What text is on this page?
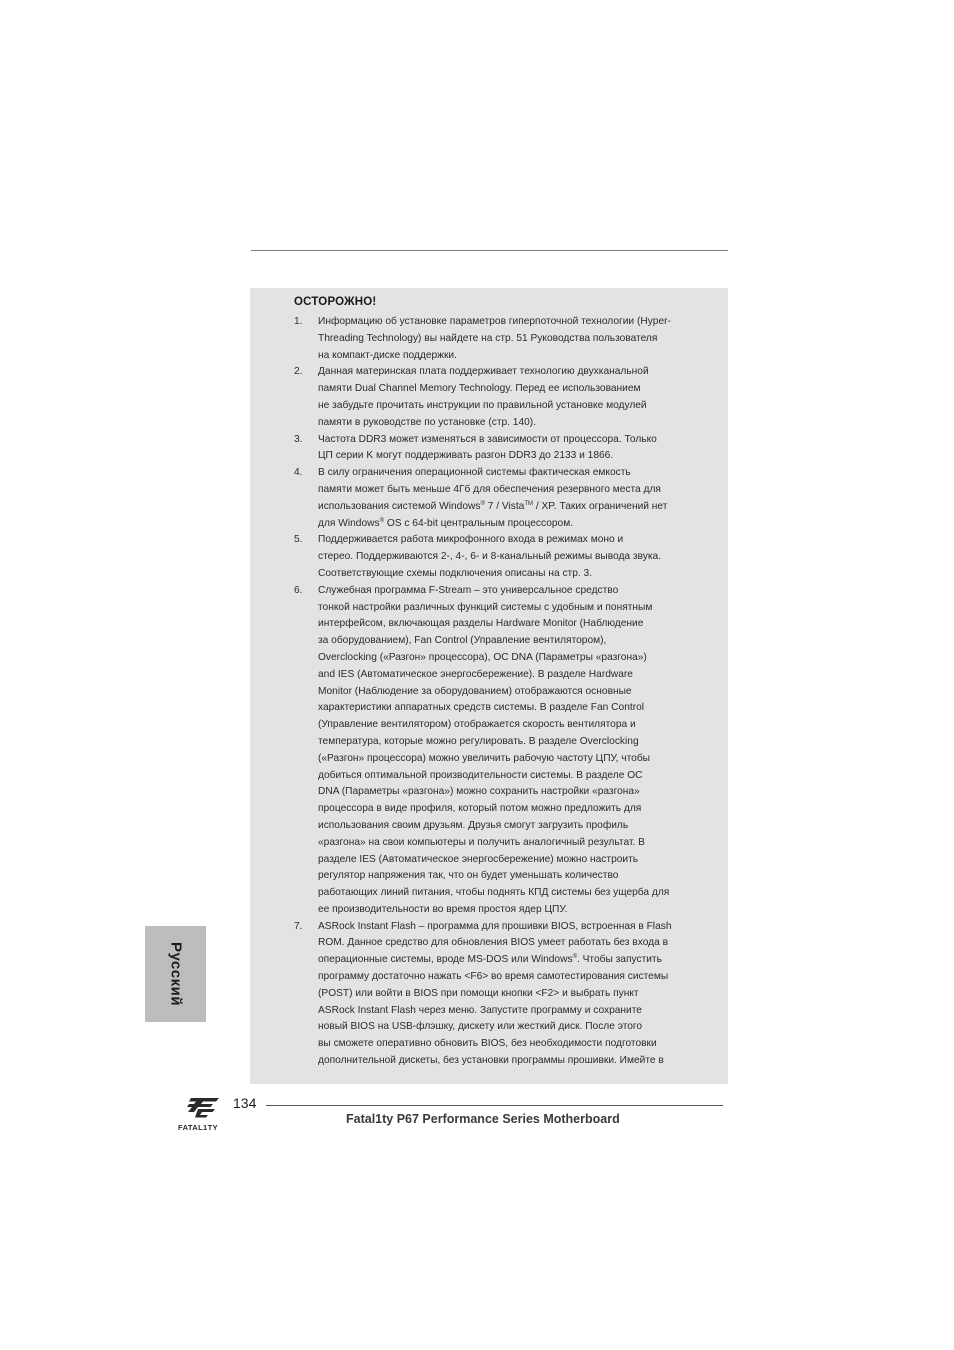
ОСТОРОЖНО!
1. Информацию об установке параметров гиперпоточной технологии (Hyper-
Threading Technology) вы найдете на стр. 51 Руководства пользователя
на компакт-диске поддержки.
2. Данная материнская плата поддерживает технологию двухканальной
памяти Dual Channel Memory Technology. Перед ее использованием
не забудьте прочитать инструкции по правильной установке модулей
памяти в руководстве по установке (стр. 140).
3. Частота DDR3 может изменяться в зависимости от процессора. Только
ЦП серии K могут поддерживать разгон DDR3 до 2133 и 1866.
4. В силу ограничения операционной системы фактическая емкость
памяти может быть меньше 4Гб для обеспечения резервного места для
использования системой Windows® 7 / Vista™ / XP. Таких ограничений нет
для Windows® OS с 64-bit центральным процессором.
5. Поддерживается работа микрофонного входа в режимах моно и
стерео. Поддерживаются 2-, 4-, 6- и 8-канальный режимы вывода звука.
Соответствующие схемы подключения описаны на стр. 3.
6. Служебная программа F-Stream – это универсальное средство
тонкой настройки различных функций системы с удобным и понятным
интерфейсом, включающая разделы Hardware Monitor (Наблюдение
за оборудованием), Fan Control (Управление вентилятором),
Overclocking («Разгон» процессора), OC DNA (Параметры «разгона»)
and IES (Автоматическое энергосбережение). В разделе Hardware
Monitor (Наблюдение за оборудованием) отображаются основные
характеристики аппаратных средств системы. В разделе Fan Control
(Управление вентилятором) отображается скорость вентилятора и
температура, которые можно регулировать. В разделе Overclocking
(«Разгон» процессора) можно увеличить рабочую частоту ЦПУ, чтобы
добиться оптимальной производительности системы. В разделе OC
DNA (Параметры «разгона») можно сохранить настройки «разгона»
процессора в виде профиля, который потом можно предложить для
использования своим друзьям. Друзья смогут загрузить профиль
«разгона» на свои компьютеры и получить аналогичный результат. В
разделе IES (Автоматическое энергосбережение) можно настроить
регулятор напряжения так, что он будет уменьшать количество
работающих линий питания, чтобы поднять КПД системы без ущерба для
ее производительности во время простоя ядер ЦПУ.
7. ASRock Instant Flash – программа для прошивки BIOS, встроенная в Flash
ROM. Данное средство для обновления BIOS умеет работать без входа в
операционные системы, вроде MS-DOS или Windows®. Чтобы запустить
программу достаточно нажать <F6> во время самотестирования системы
(POST) или войти в BIOS при помощи кнопки <F2> и выбрать пункт
ASRock Instant Flash через меню. Запустите программу и сохраните
новый BIOS на USB-флэшку, дискету или жесткий диск. После этого
вы сможете оперативно обновить BIOS, без необходимости подготовки
дополнительной дискеты, без установки программы прошивки. Имейте в
Русский
FATAL1TY
134
Fatal1ty P67 Performance Series Motherboard
